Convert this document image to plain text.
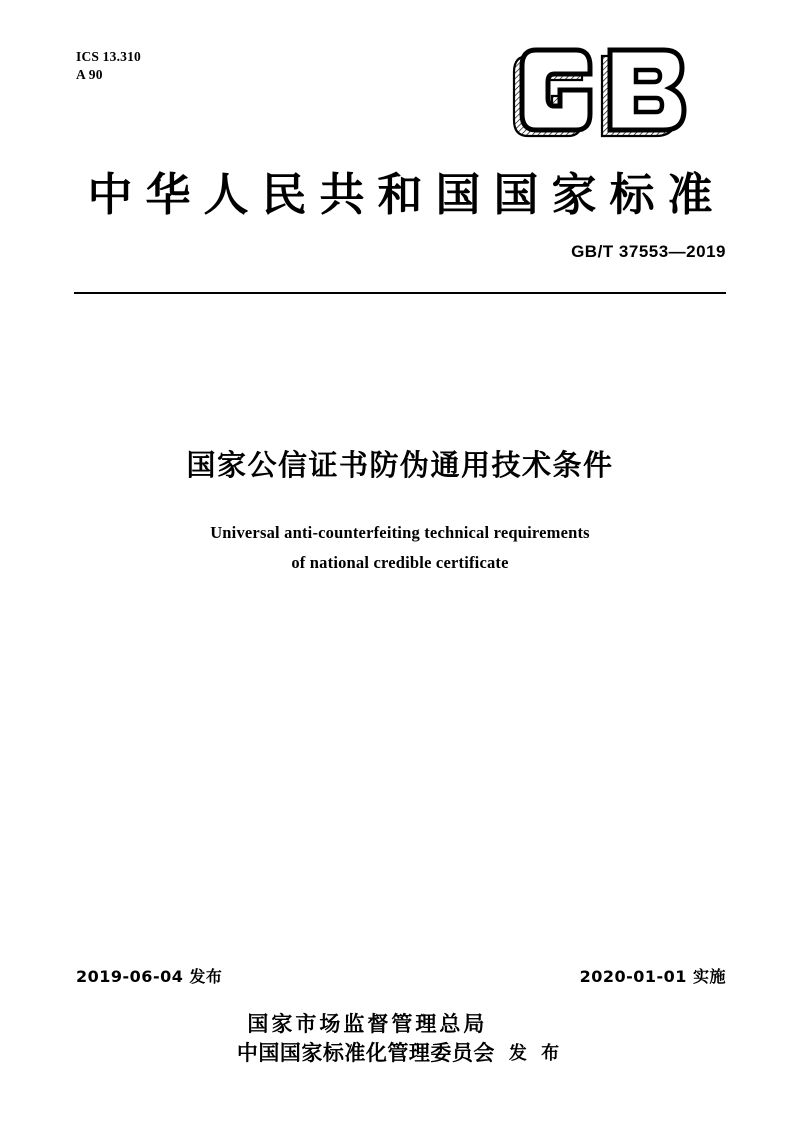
ICS 13.310
A 90
中华人民共和国国家标准
GB/T 37553—2019
国家公信证书防伪通用技术条件
Universal anti-counterfeiting technical requirements
of national credible certificate
2019-06-04 发布	2020-01-01 实施
国家市场监督管理总局
中国国家标准化管理委员会 发 布
